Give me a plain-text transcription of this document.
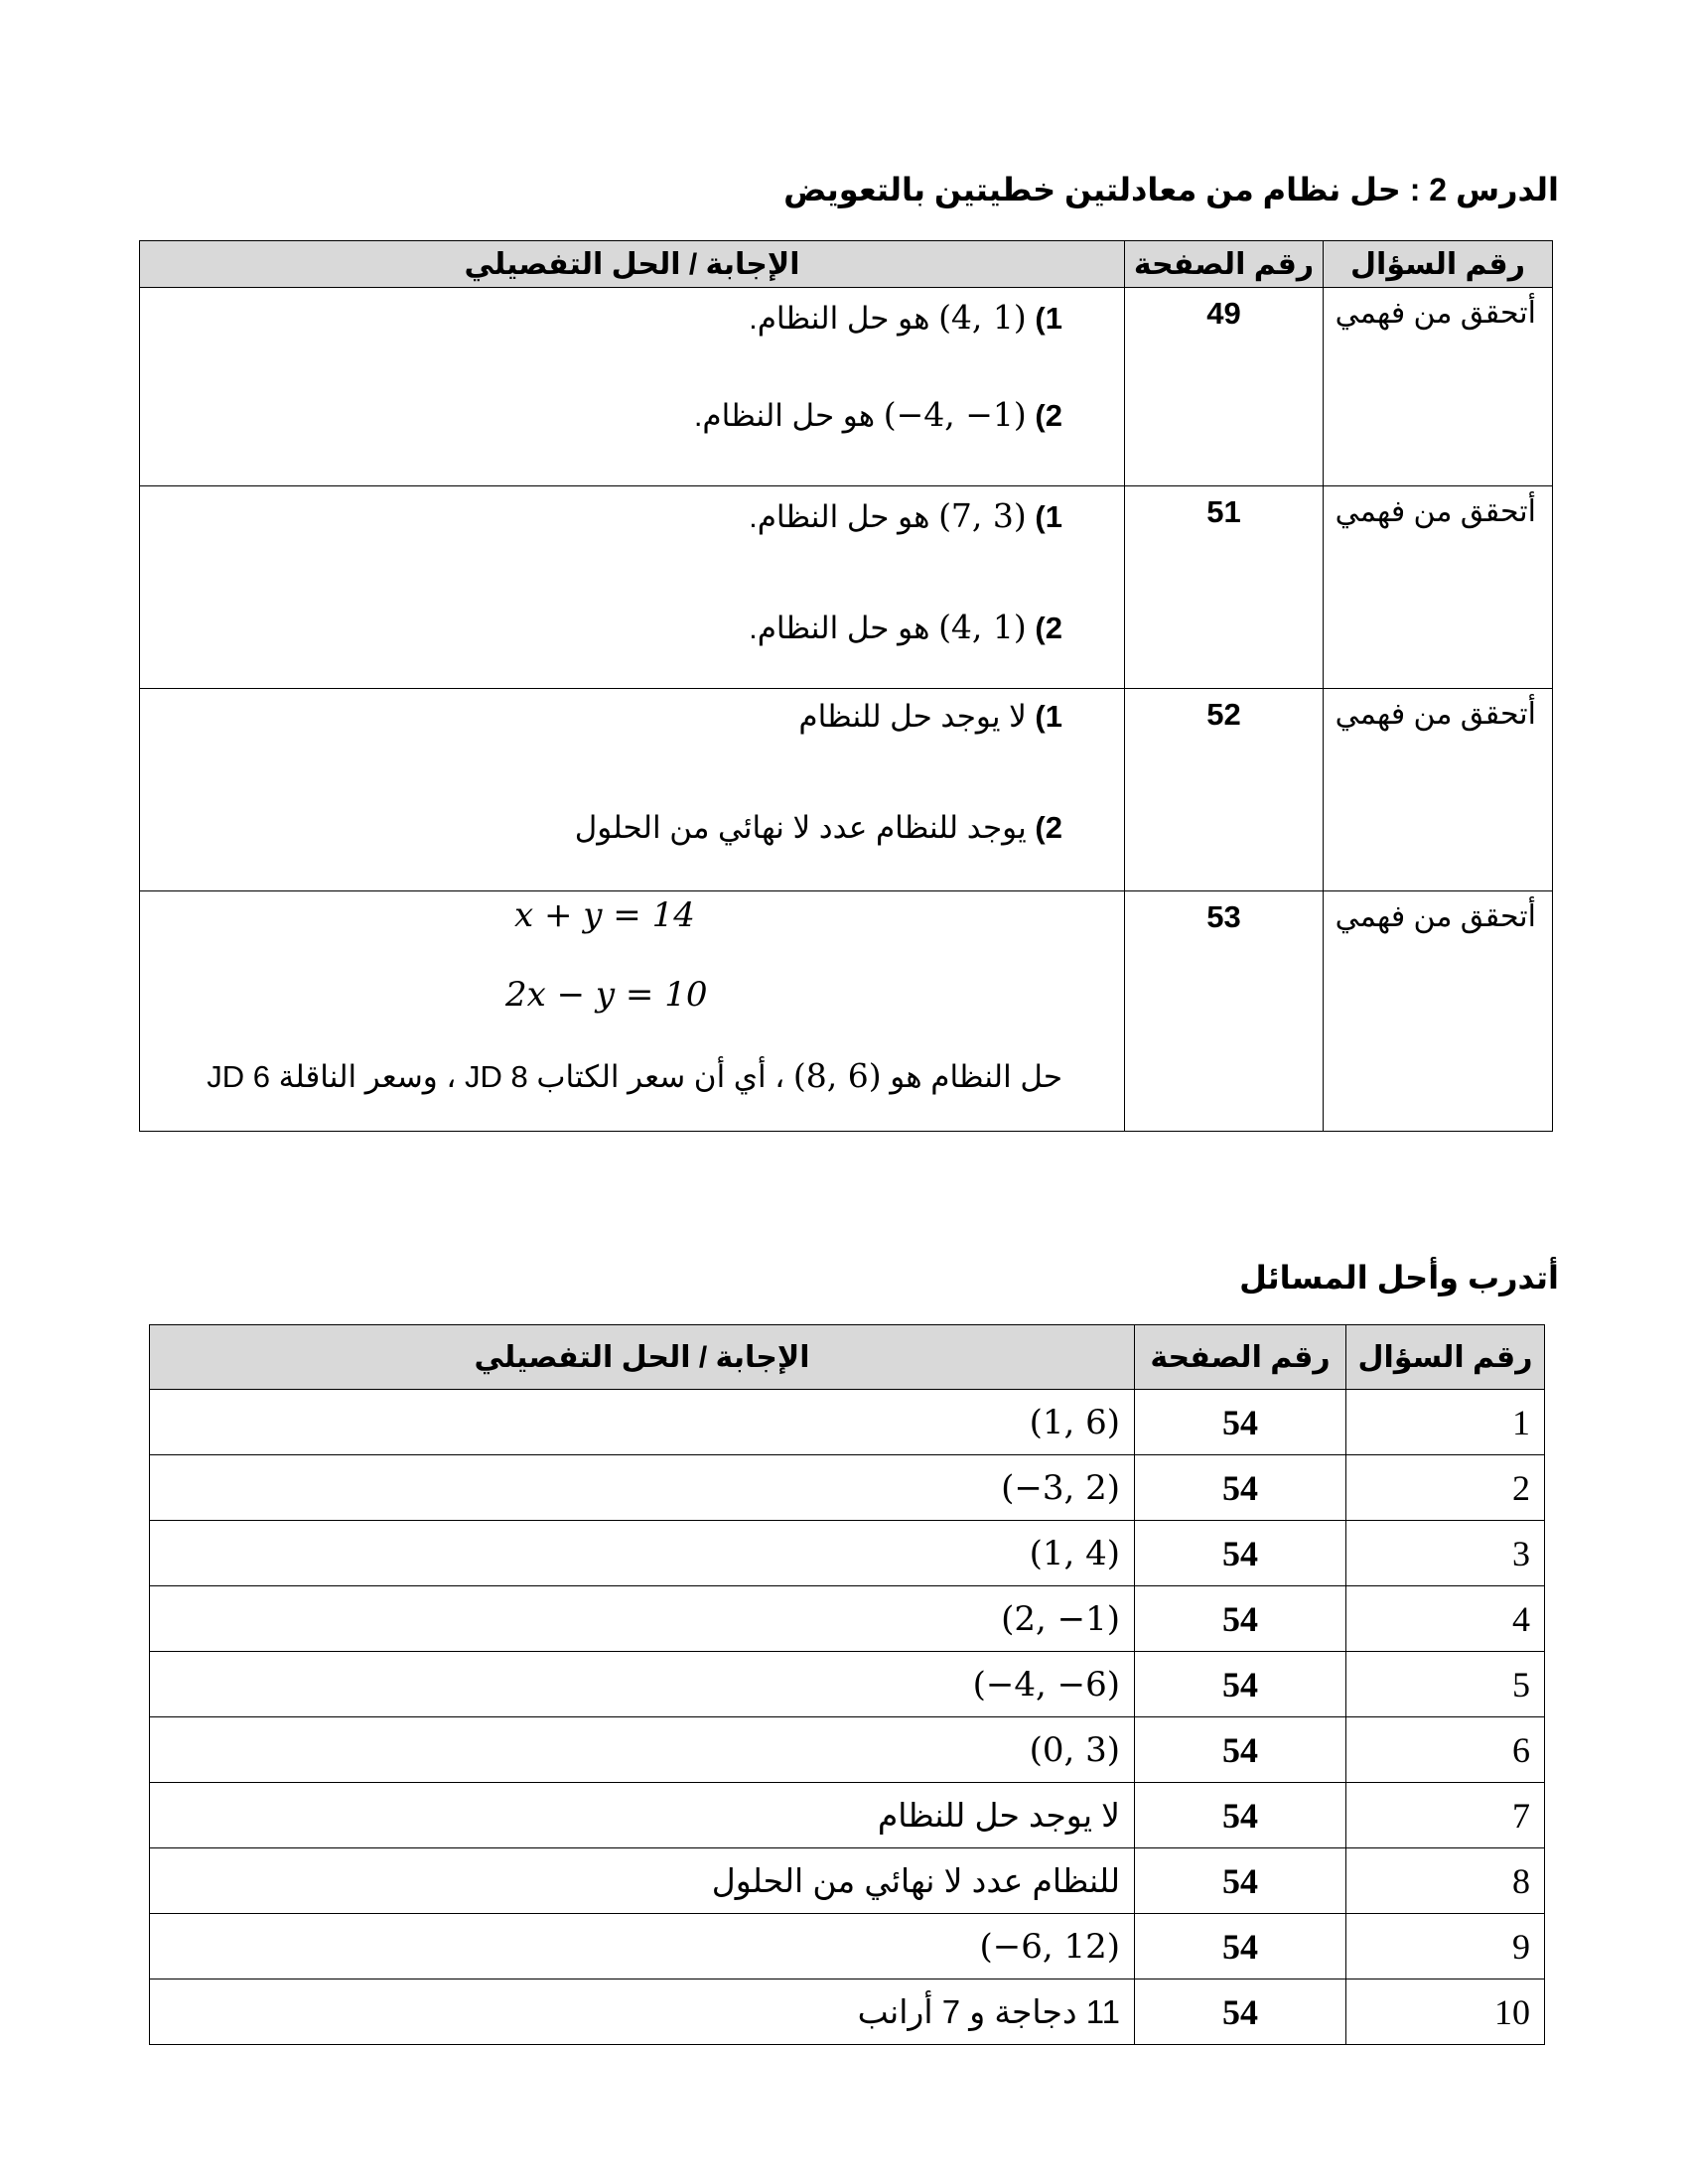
الدرس 2 : حل نظام من معادلتين خطيتين بالتعويض
رقم السؤال	رقم الصفحة	الإجابة / الحل التفصيلي
أتحقق من فهمي	49	1) (4, 1) هو حل النظام.
2) (−4, −1) هو حل النظام.

أتحقق من فهمي	51	1) (7, 3) هو حل النظام.
2) (4, 1) هو حل النظام.

أتحقق من فهمي	52	1) لا يوجد حل للنظام
2) يوجد للنظام عدد لا نهائي من الحلول

أتحقق من فهمي	53	x + y = 14
2x − y = 10
حل النظام هو (8, 6) ، أي أن سعر الكتاب 8 JD ، وسعر الناقلة 6 JD
أتدرب وأحل المسائل
رقم السؤال	رقم الصفحة	الإجابة / الحل التفصيلي
1	54	(1, 6)
2	54	(−3, 2)
3	54	(1, 4)
4	54	(2, −1)
5	54	(−4, −6)
6	54	(0, 3)
7	54	لا يوجد حل للنظام
8	54	للنظام عدد لا نهائي من الحلول
9	54	(−6, 12)
10	54	11 دجاجة و 7 أرانب
